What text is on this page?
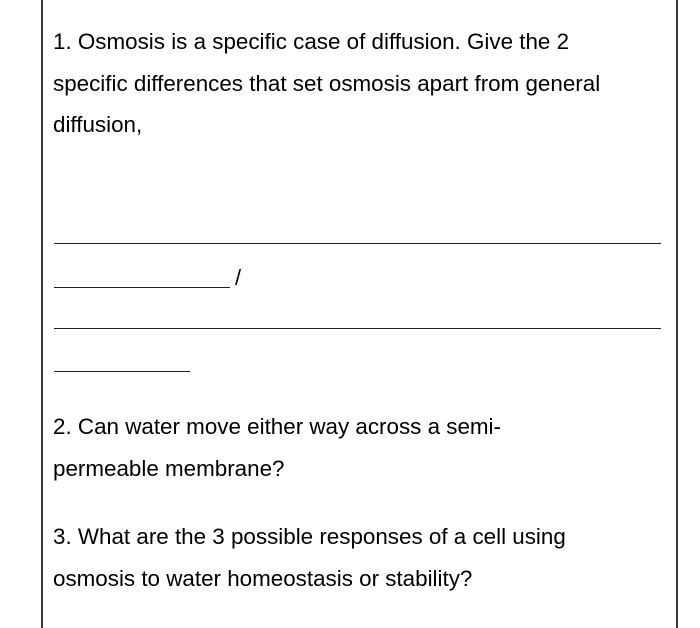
1. Osmosis is a specific case of diffusion. Give the 2
specific differences that set osmosis apart from general
diffusion,
/
2. Can water move either way across a semi-
permeable membrane?
3. What are the 3 possible responses of a cell using
osmosis to water homeostasis or stability?
